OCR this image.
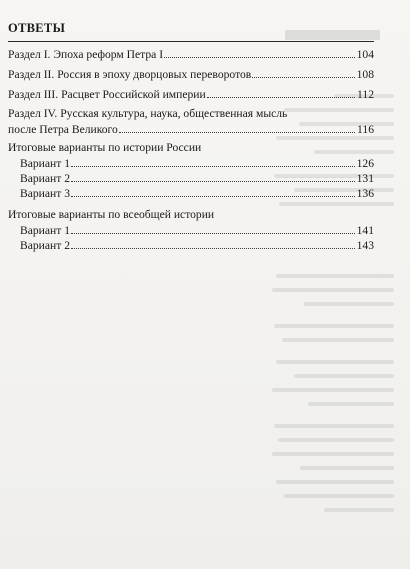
ОТВЕТЫ
Раздел I. Эпоха реформ Петра I	104
Раздел II. Россия в эпоху дворцовых переворотов	108
Раздел III. Расцвет Российской империи	112
Раздел IV. Русская культура, наука, общественная мысль
после Петра Великого	116
Итоговые варианты по истории России
Вариант 1	126
Вариант 2	131
Вариант 3	136
Итоговые варианты по всеобщей истории
Вариант 1	141
Вариант 2	143
